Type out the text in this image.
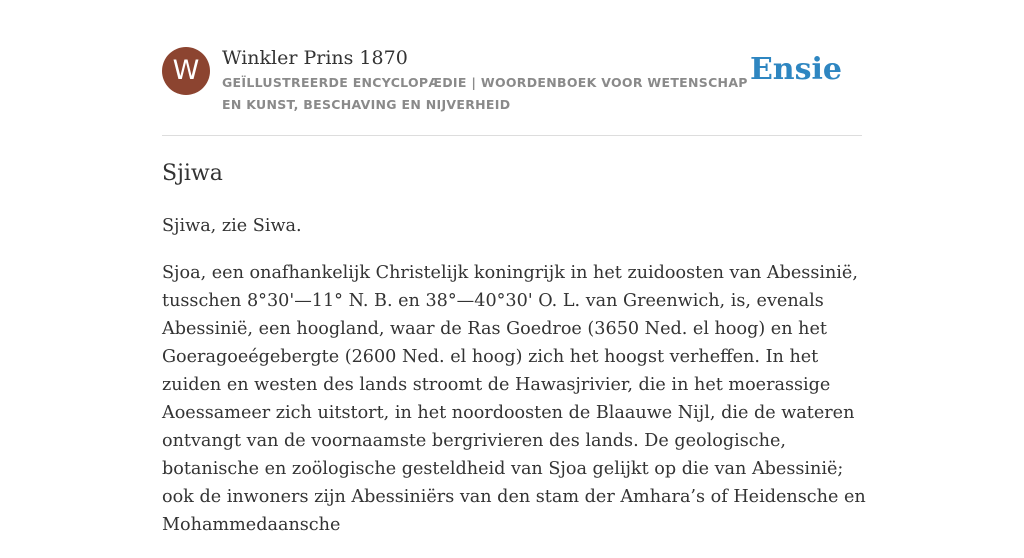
W	Winkler Prins 1870
GEÏLLUSTREERDE ENCYCLOPÆDIE | WOORDENBOEK VOOR WETENSCHAP EN KUNST, BESCHAVING EN NIJVERHEID
Ensie
Sjiwa

Sjiwa, zie Siwa.

Sjoa, een onafhankelijk Christelijk koningrijk in het zuidoosten van Abessinië, tusschen 8°30'—11° N. B. en 38°—40°30' O. L. van Greenwich, is, evenals Abessinië, een hoogland, waar de Ras Goedroe (3650 Ned. el hoog) en het Goeragoeégebergte (2600 Ned. el hoog) zich het hoogst verheffen. In het zuiden en westen des lands stroomt de Hawasjrivier, die in het moerassige Aoessameer zich uitstort, in het noordoosten de Blaauwe Nijl, die de wateren ontvangt van de voornaamste bergrivieren des lands. De geologische, botanische en zoölogische gesteldheid van Sjoa gelijkt op die van Abessinië; ook de inwoners zijn Abessiniërs van den stam der Amhara’s of Heidensche en Mohammedaansche
